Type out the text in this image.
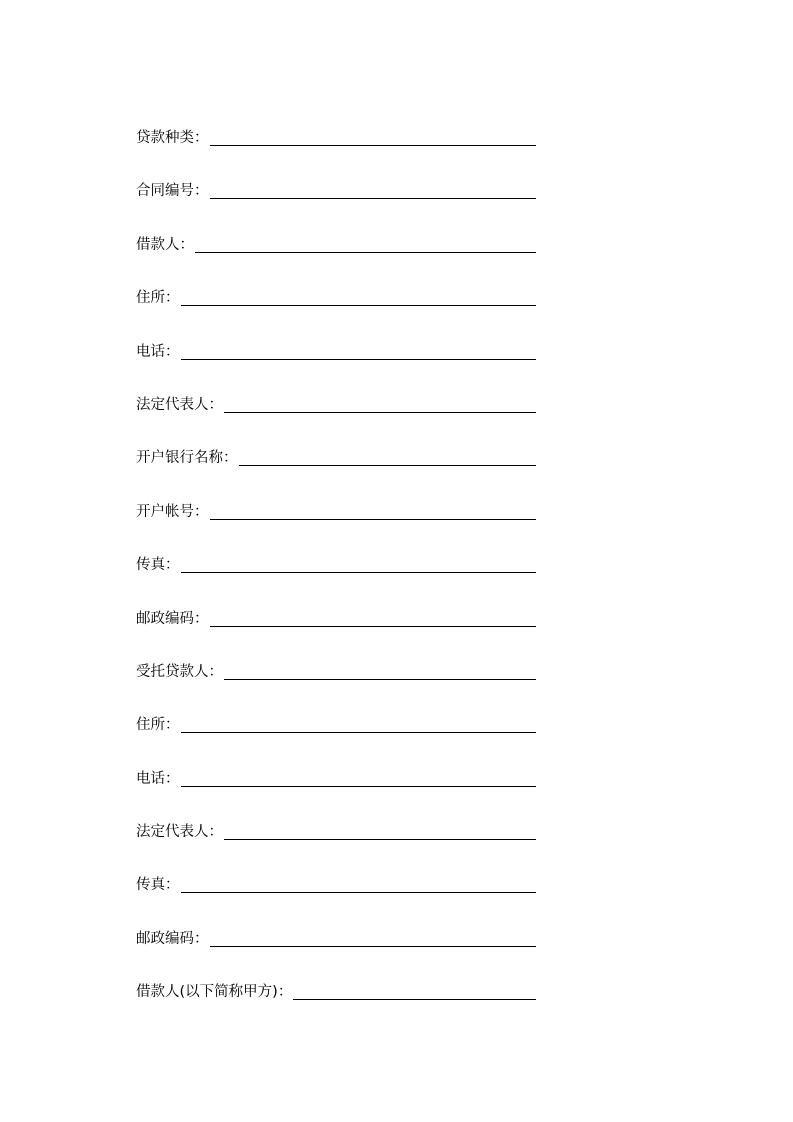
贷款种类：
合同编号：
借款人：
住所：
电话：
法定代表人：
开户银行名称：
开户帐号：
传真：
邮政编码：
受托贷款人：
住所：
电话：
法定代表人：
传真：
邮政编码：
借款人(以下简称甲方)：
